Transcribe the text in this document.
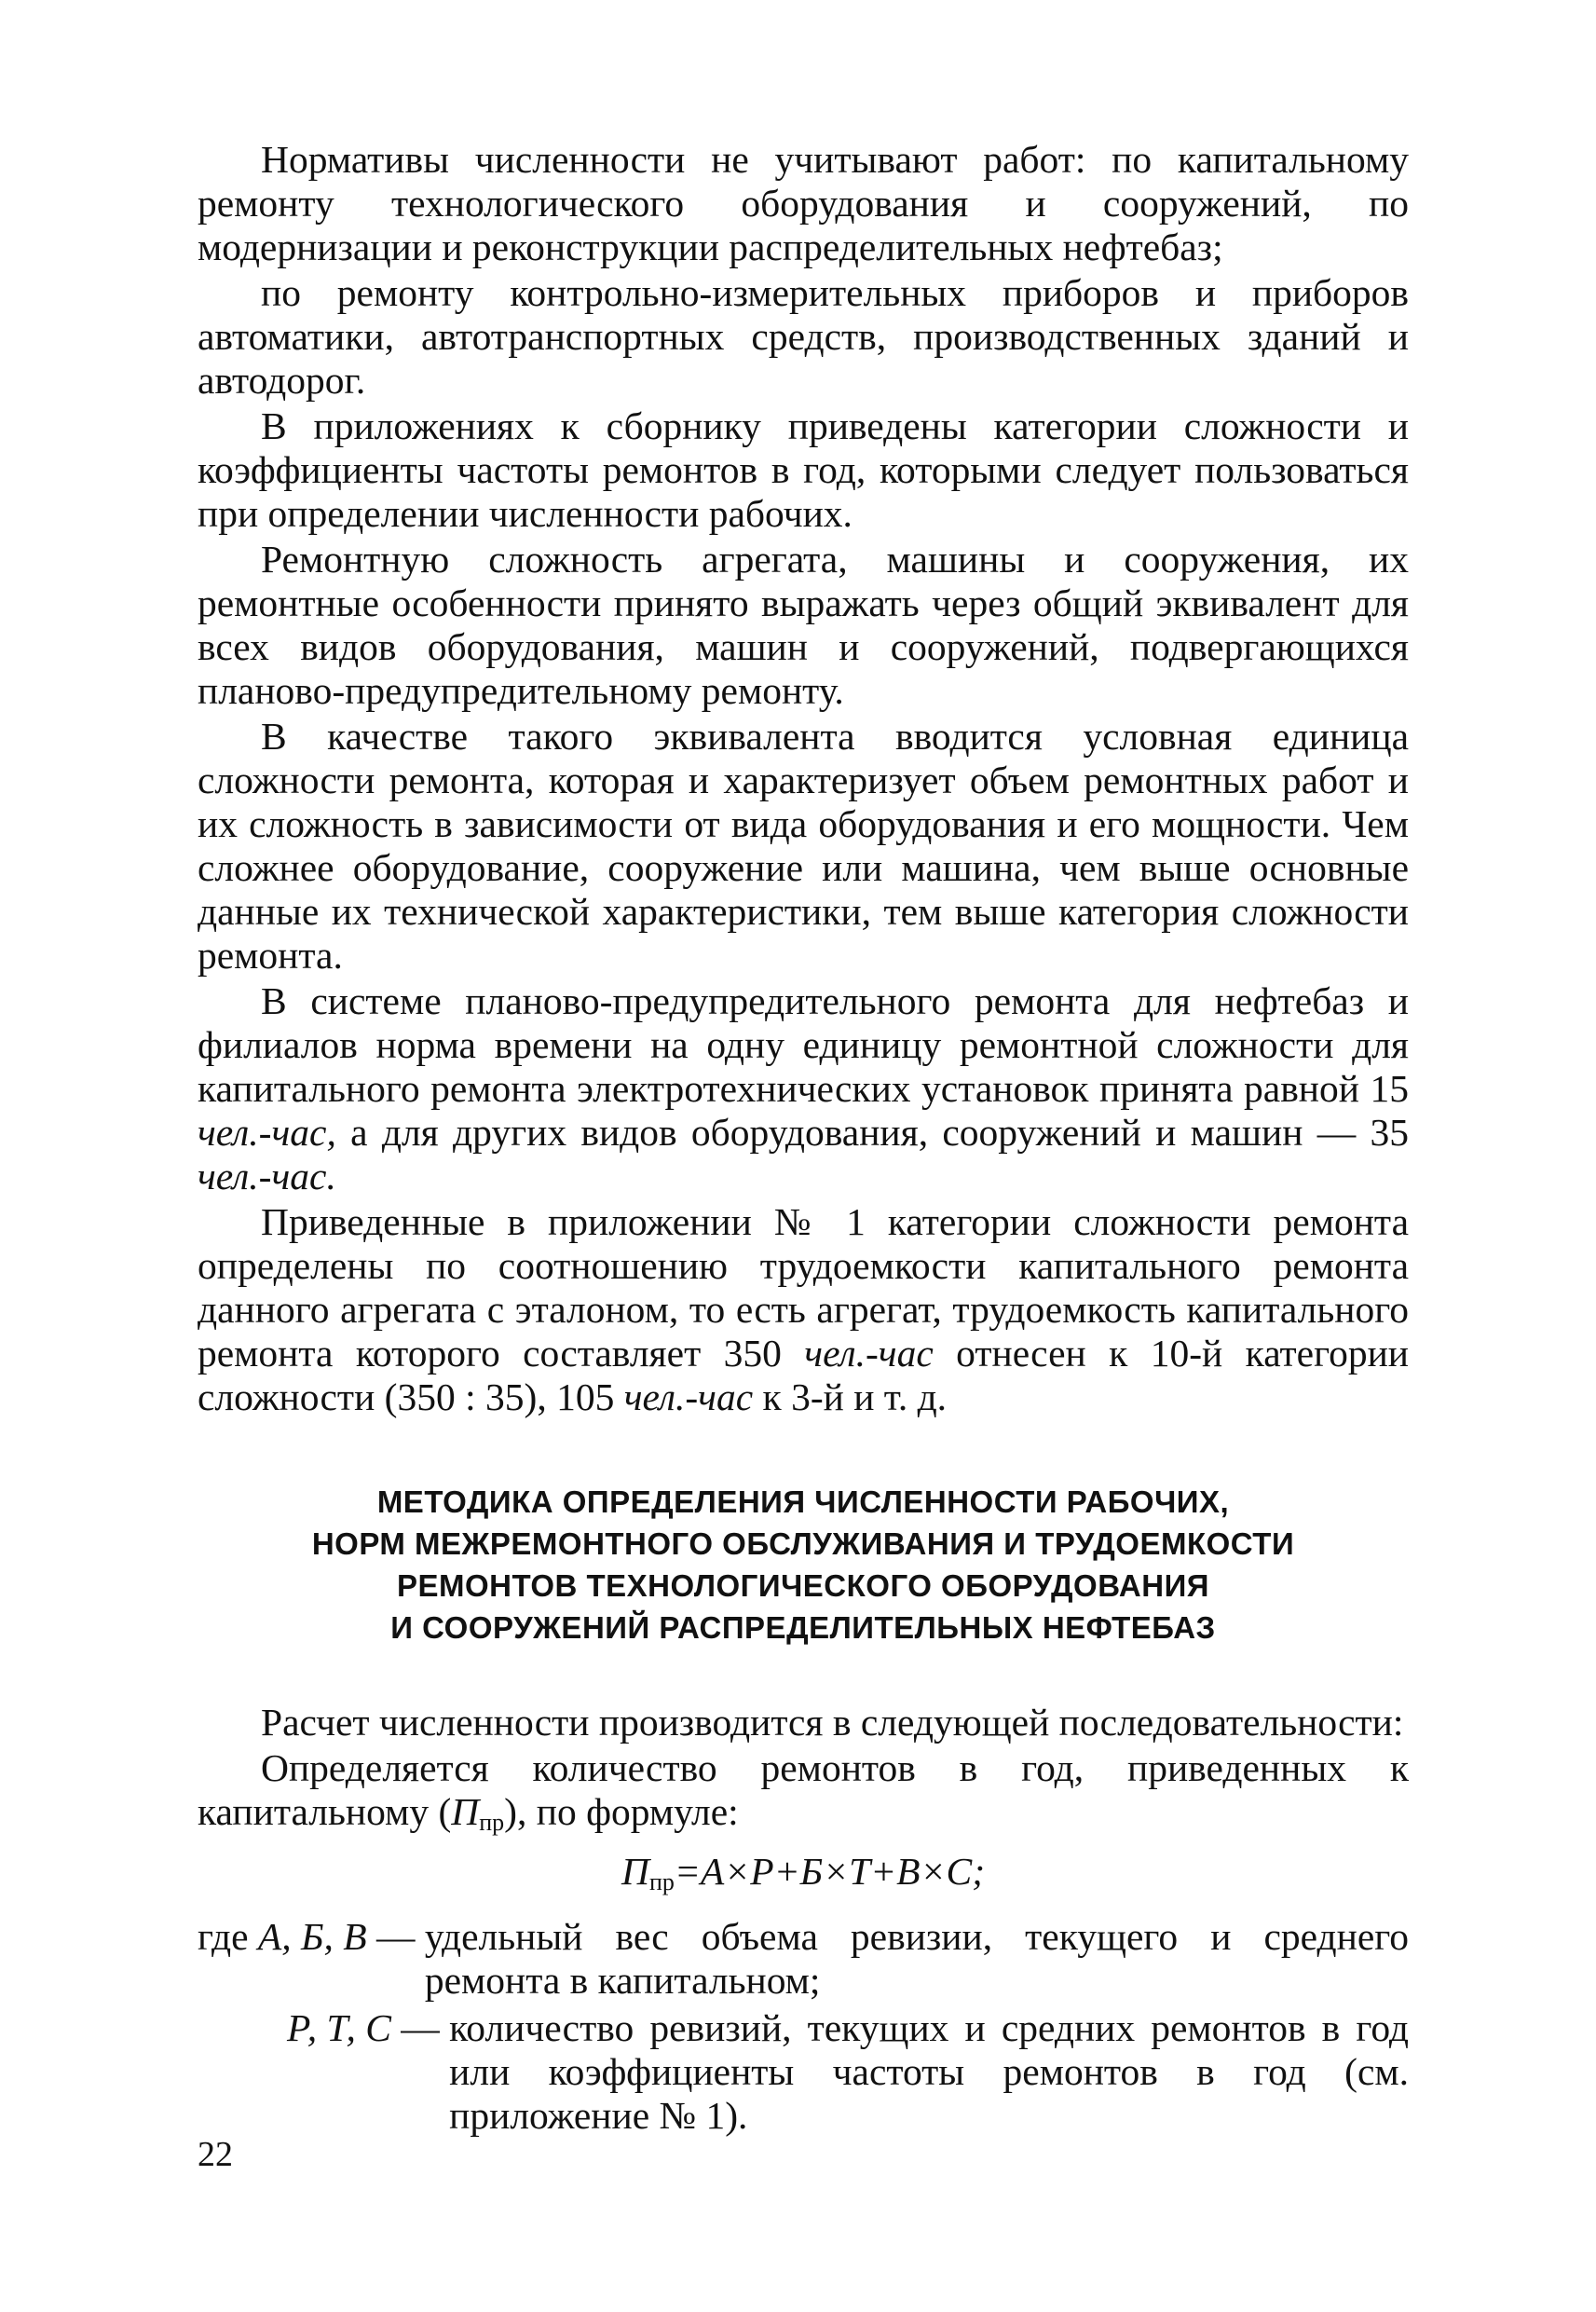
Нормативы численности не учитывают работ: по капитальному ремонту технологического оборудования и сооружений, по модернизации и реконструкции распределительных нефтебаз;

по ремонту контрольно-измерительных приборов и приборов автоматики, автотранспортных средств, производственных зданий и автодорог.

В приложениях к сборнику приведены категории сложности и коэффициенты частоты ремонтов в год, которыми следует пользоваться при определении численности рабочих.

Ремонтную сложность агрегата, машины и сооружения, их ремонтные особенности принято выражать через общий эквивалент для всех видов оборудования, машин и сооружений, подвергающихся планово-предупредительному ремонту.

В качестве такого эквивалента вводится условная единица сложности ремонта, которая и характеризует объем ремонтных работ и их сложность в зависимости от вида оборудования и его мощности. Чем сложнее оборудование, сооружение или машина, чем выше основные данные их технической характеристики, тем выше категория сложности ремонта.

В системе планово-предупредительного ремонта для нефтебаз и филиалов норма времени на одну единицу ремонтной сложности для капитального ремонта электротехнических установок принята равной 15 чел.-час, а для других видов оборудования, сооружений и машин — 35 чел.-час.

Приведенные в приложении № 1 категории сложности ремонта определены по соотношению трудоемкости капитального ремонта данного агрегата с эталоном, то есть агрегат, трудоемкость капитального ремонта которого составляет 350 чел.-час отнесен к 10-й категории сложности (350 : 35), 105 чел.-час к 3-й и т. д.

МЕТОДИКА ОПРЕДЕЛЕНИЯ ЧИСЛЕННОСТИ РАБОЧИХ,
НОРМ МЕЖРЕМОНТНОГО ОБСЛУЖИВАНИЯ И ТРУДОЕМКОСТИ
РЕМОНТОВ ТЕХНОЛОГИЧЕСКОГО ОБОРУДОВАНИЯ
И СООРУЖЕНИЙ РАСПРЕДЕЛИТЕЛЬНЫХ НЕФТЕБАЗ

Расчет численности производится в следующей последовательности:

Определяется количество ремонтов в год, приведенных к капитальному $(П_{пр})$, по формуле:

$П_{пр}=А\times Р+Б\times Т+В\times С$;
где А, Б, В — удельный вес объема ревизии, текущего и среднего ремонта в капитальном;
Р, Т, С — количество ревизий, текущих и средних ремонтов в год или коэффициенты частоты ремонтов в год (см. приложение № 1).
22
